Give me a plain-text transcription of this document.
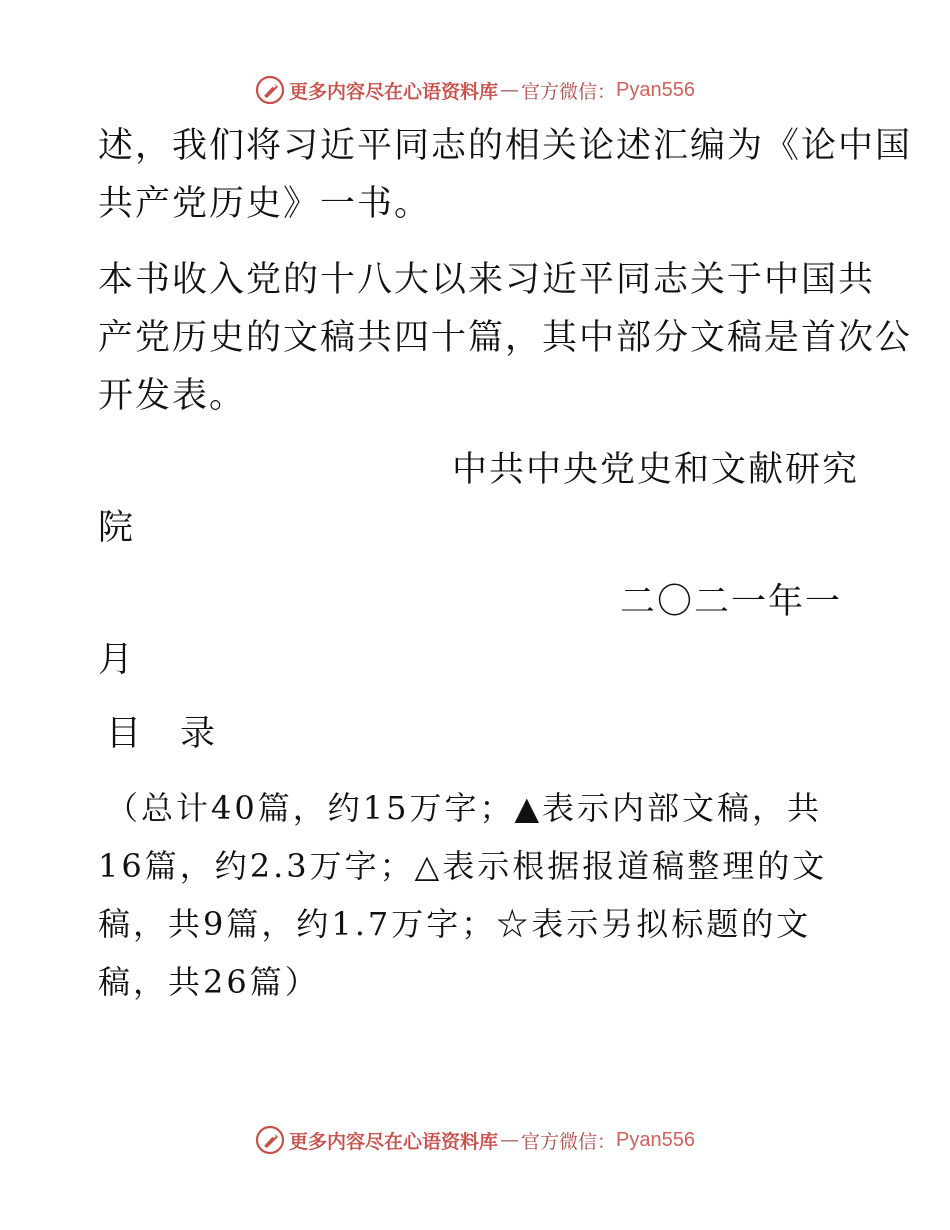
更多内容尽在心语资料库 — 官方微信： Pyan556
述，我们将习近平同志的相关论述汇编为《论中国
共产党历史》一书。
本书收入党的十八大以来习近平同志关于中国共
产党历史的文稿共四十篇，其中部分文稿是首次公
开发表。
中共中央党史和文献研究
院
二〇二一年一
月
目　录
（总计40篇，约15万字；▲表示内部文稿，共
16篇，约2.3万字；△表示根据报道稿整理的文
稿，共9篇，约1.7万字；☆表示另拟标题的文
稿，共26篇）
更多内容尽在心语资料库 — 官方微信： Pyan556
